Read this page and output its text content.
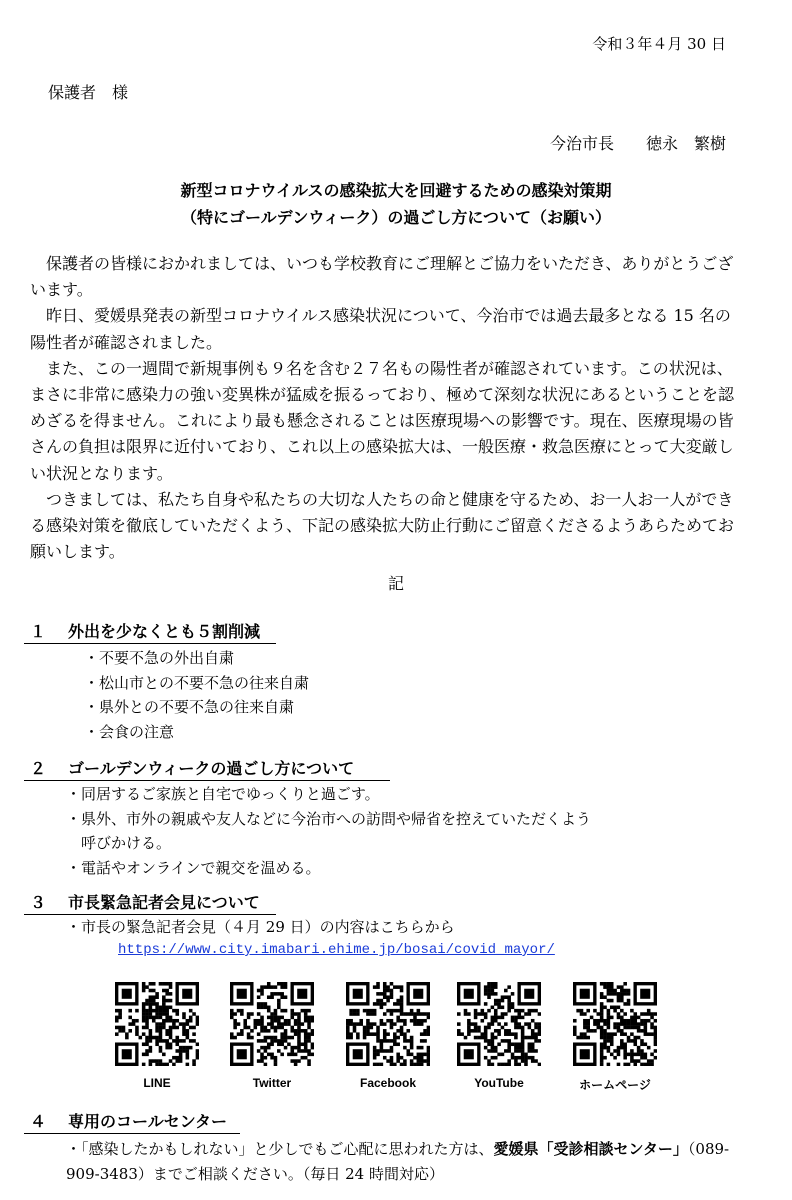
令和３年４月 30 日
保護者　様
今治市長　　徳永　繁樹
新型コロナウイルスの感染拡大を回避するための感染対策期
（特にゴールデンウィーク）の過ごし方について（お願い）

保護者の皆様におかれましては、いつも学校教育にご理解とご協力をいただき、ありがとうございます。

昨日、愛媛県発表の新型コロナウイルス感染状況について、今治市では過去最多となる 15 名の陽性者が確認されました。

また、この一週間で新規事例も９名を含む２７名もの陽性者が確認されています。この状況は、まさに非常に感染力の強い変異株が猛威を振るっており、極めて深刻な状況にあるということを認めざるを得ません。これにより最も懸念されることは医療現場への影響です。現在、医療現場の皆さんの負担は限界に近付いており、これ以上の感染拡大は、一般医療・救急医療にとって大変厳しい状況となります。

つきましては、私たち自身や私たちの大切な人たちの命と健康を守るため、お一人お一人ができる感染対策を徹底していただくよう、下記の感染拡大防止行動にご留意くださるようあらためてお願いします。

記
１ 外出を少なくとも５割削減
・不要不急の外出自粛
・松山市との不要不急の往来自粛
・県外との不要不急の往来自粛
・会食の注意
２ ゴールデンウィークの過ごし方について
・同居するご家族と自宅でゆっくりと過ごす。
・県外、市外の親戚や友人などに今治市への訪問や帰省を控えていただくよう
　呼びかける。
・電話やオンラインで親交を温める。
３ 市長緊急記者会見について
・市長の緊急記者会見（４月 29 日）の内容はこちらから
https://www.city.imabari.ehime.jp/bosai/covid_mayor/
LINE	Twitter	Facebook	YouTube	ホームページ
４ 専用のコールセンター
・「感染したかもしれない」と少しでもご心配に思われた方は、愛媛県「受診相談センター」（089-909-3483）までご相談ください。（毎日 24 時間対応）
